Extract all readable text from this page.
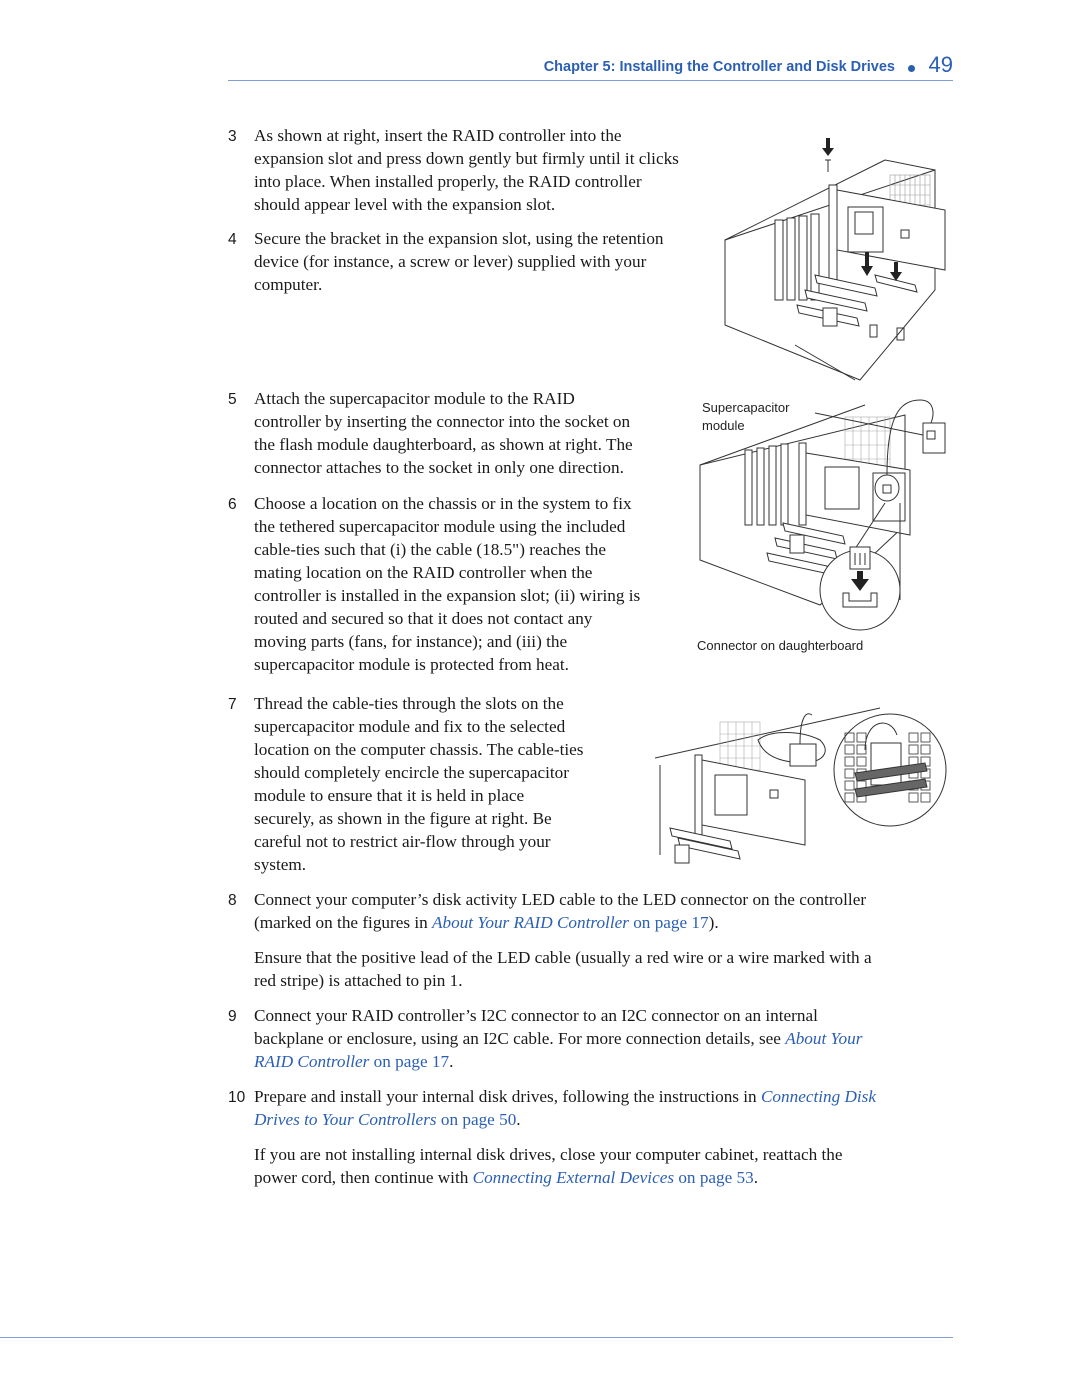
Chapter 5: Installing the Controller and Disk Drives 49
3 As shown at right, insert the RAID controller into the
expansion slot and press down gently but firmly until it clicks
into place. When installed properly, the RAID controller
should appear level with the expansion slot.
4 Secure the bracket in the expansion slot, using the retention
device (for instance, a screw or lever) supplied with your
computer.
5 Attach the supercapacitor module to the RAID
controller by inserting the connector into the socket on
the flash module daughterboard, as shown at right. The
connector attaches to the socket in only one direction.
6 Choose a location on the chassis or in the system to fix
the tethered supercapacitor module using the included
cable-ties such that (i) the cable (18.5") reaches the
mating location on the RAID controller when the
controller is installed in the expansion slot; (ii) wiring is
routed and secured so that it does not contact any
moving parts (fans, for instance); and (iii) the
supercapacitor module is protected from heat.
Supercapacitor
module
Connector on daughterboard
7 Thread the cable-ties through the slots on the
supercapacitor module and fix to the selected
location on the computer chassis. The cable-ties
should completely encircle the supercapacitor
module to ensure that it is held in place
securely, as shown in the figure at right. Be
careful not to restrict air-flow through your
system.
8 Connect your computer’s disk activity LED cable to the LED connector on the controller
(marked on the figures in About Your RAID Controller on page 17).
Ensure that the positive lead of the LED cable (usually a red wire or a wire marked with a
red stripe) is attached to pin 1.
9 Connect your RAID controller’s I2C connector to an I2C connector on an internal
backplane or enclosure, using an I2C cable. For more connection details, see About Your
RAID Controller on page 17.
10 Prepare and install your internal disk drives, following the instructions in Connecting Disk
Drives to Your Controllers on page 50.
If you are not installing internal disk drives, close your computer cabinet, reattach the
power cord, then continue with Connecting External Devices on page 53.
